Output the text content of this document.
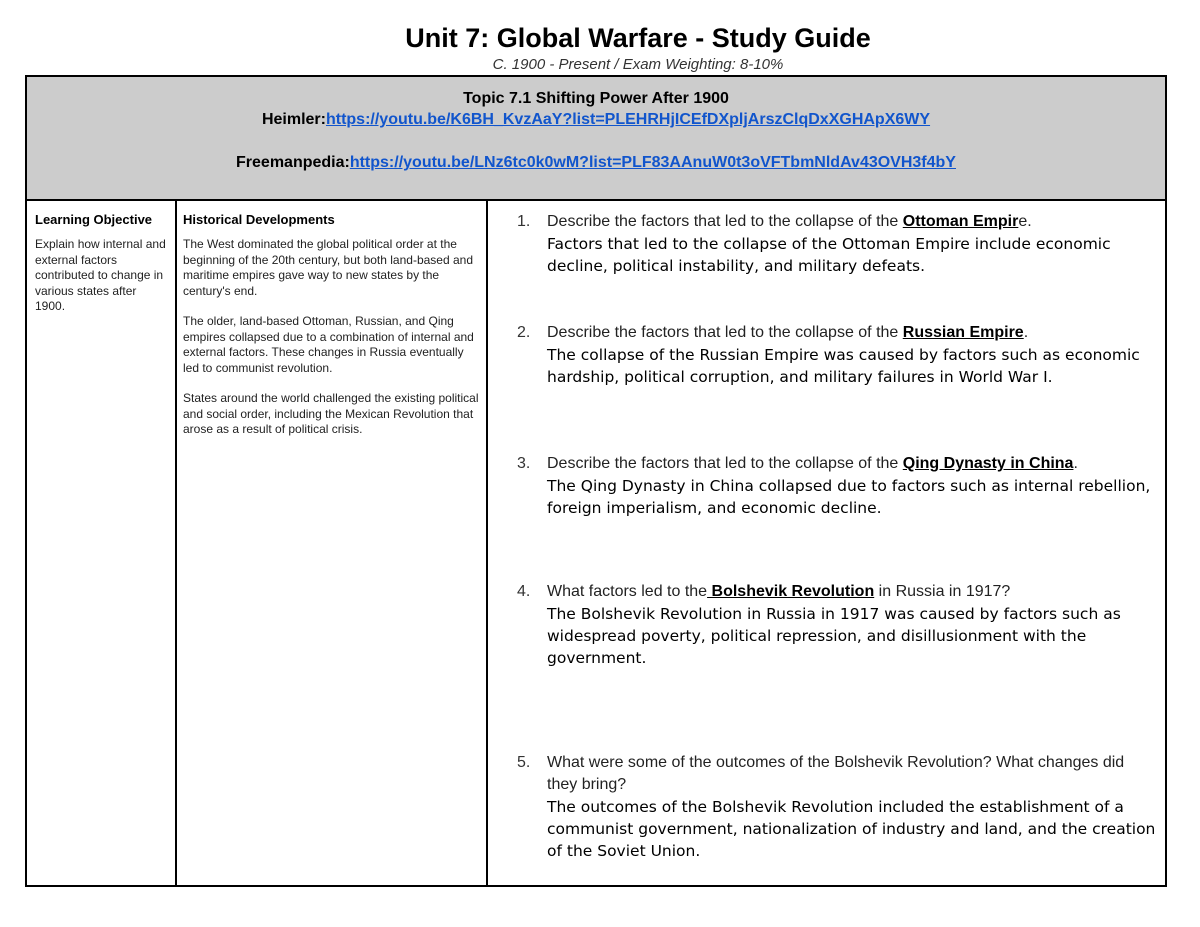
Unit 7: Global Warfare - Study Guide
C. 1900 - Present / Exam Weighting: 8-10%
Topic 7.1 Shifting Power After 1900
Heimler:https://youtu.be/K6BH_KvzAaY?list=PLEHRHjICEfDXpljArszClqDxXGHApX6WY
Freemanpedia:https://youtu.be/LNz6tc0k0wM?list=PLF83AAnuW0t3oVFTbmNldAv43OVH3f4bY
Learning Objective
Explain how internal and external factors contributed to change in various states after 1900.
Historical Developments

The West dominated the global political order at the beginning of the 20th century, but both land-based and maritime empires gave way to new states by the century's end.

The older, land-based Ottoman, Russian, and Qing empires collapsed due to a combination of internal and external factors. These changes in Russia eventually led to communist revolution.

States around the world challenged the existing political and social order, including the Mexican Revolution that arose as a result of political crisis.

1.	Describe the factors that led to the collapse of the Ottoman Empire.
Factors that led to the collapse of the Ottoman Empire include economic decline, political instability, and military defeats.
2.	Describe the factors that led to the collapse of the Russian Empire.
The collapse of the Russian Empire was caused by factors such as economic hardship, political corruption, and military failures in World War I.
3.	Describe the factors that led to the collapse of the Qing Dynasty in China.
The Qing Dynasty in China collapsed due to factors such as internal rebellion, foreign imperialism, and economic decline.
4.	What factors led to the Bolshevik Revolution in Russia in 1917?
The Bolshevik Revolution in Russia in 1917 was caused by factors such as widespread poverty, political repression, and disillusionment with the government.
5.	What were some of the outcomes of the Bolshevik Revolution? What changes did they bring?
The outcomes of the Bolshevik Revolution included the establishment of a communist government, nationalization of industry and land, and the creation of the Soviet Union.
